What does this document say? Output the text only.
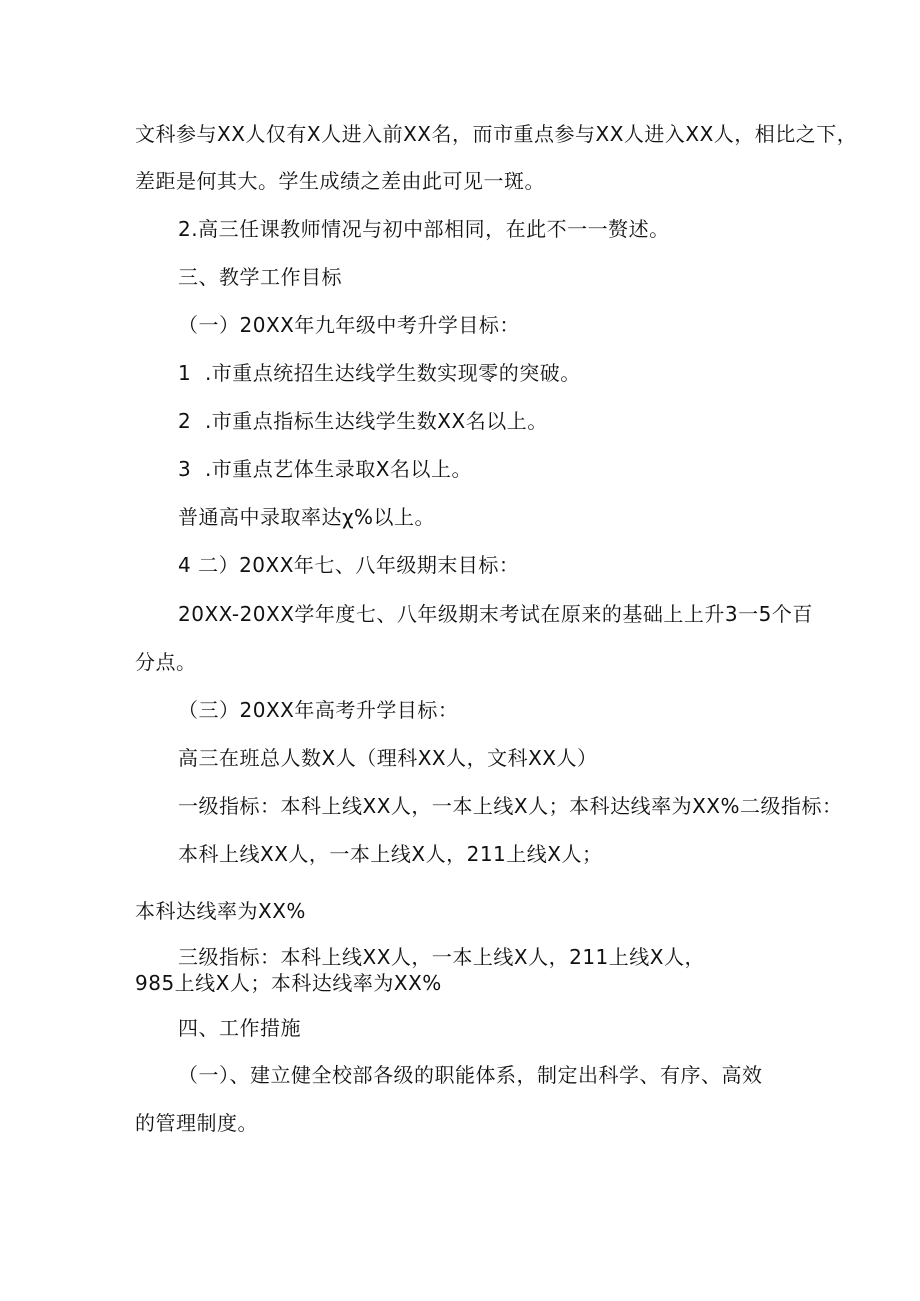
文科参与XX人仅有X人进入前XX名，而市重点参与XX人进入XX人，相比之下，
差距是何其大。学生成绩之差由此可见一斑。
2.高三任课教师情况与初中部相同，在此不一一赘述。
三、教学工作目标
（一）20XX年九年级中考升学目标：
1  .市重点统招生达线学生数实现零的突破。
2  .市重点指标生达线学生数XX名以上。
3  .市重点艺体生录取X名以上。
普通高中录取率达χ%以上。
4 二）20XX年七、八年级期末目标：
20XX-20XX学年度七、八年级期末考试在原来的基础上上升3一5个百
分点。
（三）20XX年高考升学目标：
高三在班总人数X人（理科XX人，文科XX人）
一级指标：本科上线XX人，一本上线X人；本科达线率为XX%二级指标：
本科上线XX人，一本上线X人，211上线X人；
本科达线率为XX%
三级指标：本科上线XX人，一本上线X人，211上线X人，
985上线X人；本科达线率为XX%
四、工作措施
（一）、建立健全校部各级的职能体系，制定出科学、有序、高效
的管理制度。
